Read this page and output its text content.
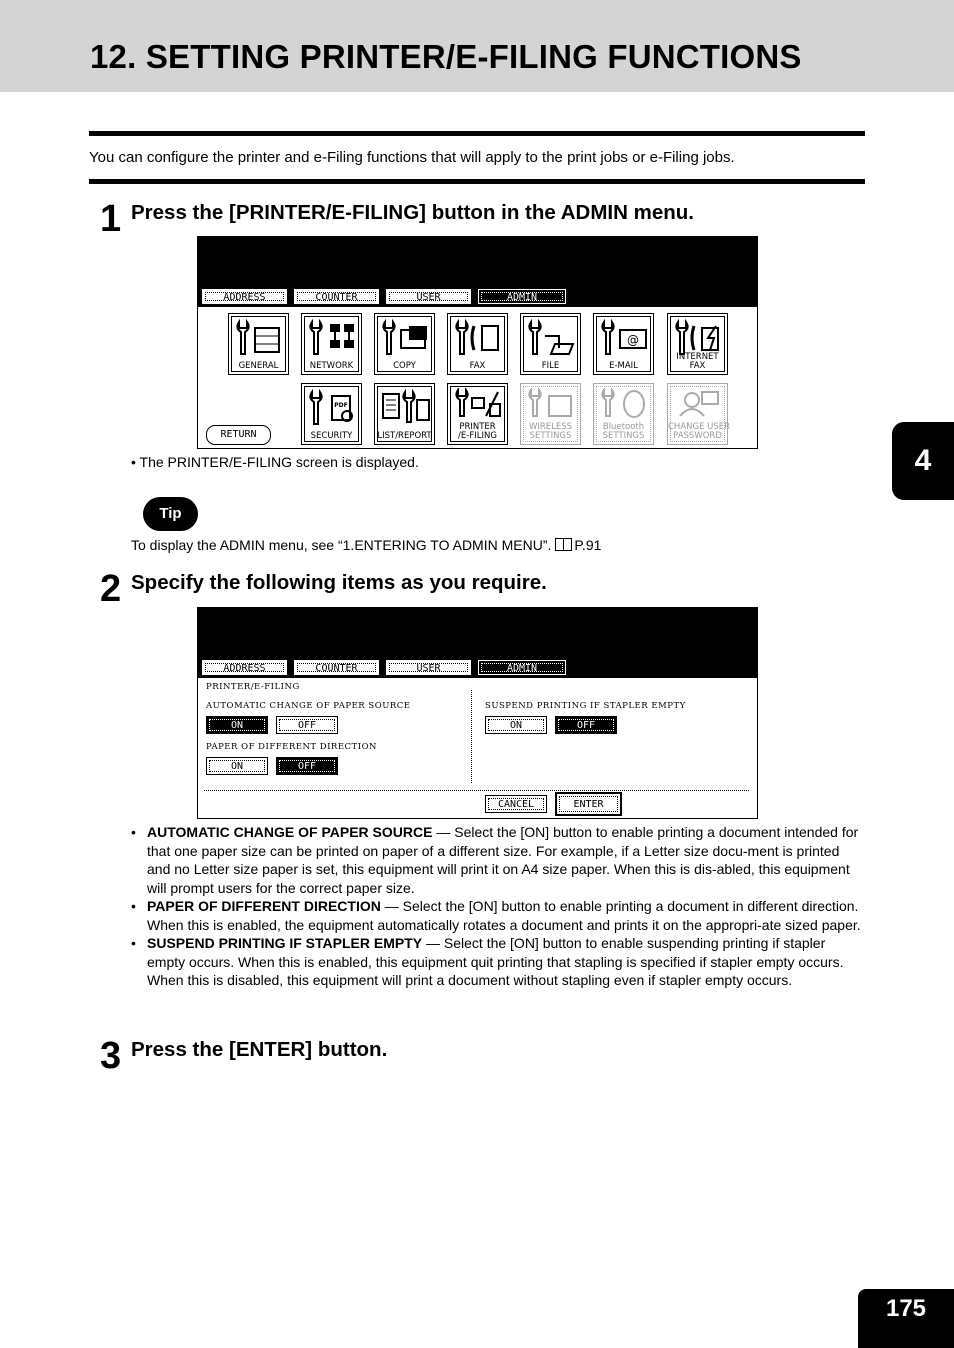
12. SETTING PRINTER/E-FILING FUNCTIONS
You can configure the printer and e-Filing functions that will apply to the print jobs or e-Filing jobs.
1 Press the [PRINTER/E-FILING] button in the ADMIN menu.
ADDRESS	COUNTER	USER	ADMIN
GENERAL	NETWORK	COPY	FAX	FILE
@
E-MAIL
INTERNET FAX
RETURN
PDF
SECURITY	LIST/REPORT
PRINTER
/E-FILING
WIRELESS
SETTINGS
Bluetooth
SETTINGS
CHANGE USER
PASSWORD
• The PRINTER/E-FILING screen is displayed.
Tip
To display the ADMIN menu, see “1.ENTERING TO ADMIN MENU”. P.91
2 Specify the following items as you require.
ADDRESS	COUNTER	USER	ADMIN
PRINTER/E-FILING
AUTOMATIC CHANGE OF PAPER SOURCE
ON	OFF
PAPER OF DIFFERENT DIRECTION
ON	OFF
SUSPEND PRINTING IF STAPLER EMPTY
ON	OFF
CANCEL	ENTER
• AUTOMATIC CHANGE OF PAPER SOURCE — Select the [ON] button to enable printing a document intended for that one paper size can be printed on paper of a different size. For example, if a Letter size docu-ment is printed and no Letter size paper is set, this equipment will print it on A4 size paper. When this is dis-abled, this equipment will prompt users for the correct paper size.
• PAPER OF DIFFERENT DIRECTION — Select the [ON] button to enable printing a document in different direction. When this is enabled, the equipment automatically rotates a document and prints it on the appropri-ate sized paper.
• SUSPEND PRINTING IF STAPLER EMPTY — Select the [ON] button to enable suspending printing if stapler empty occurs. When this is enabled, this equipment quit printing that stapling is specified if stapler empty occurs. When this is disabled, this equipment will print a document without stapling even if stapler empty occurs.
3 Press the [ENTER] button.
4
175
